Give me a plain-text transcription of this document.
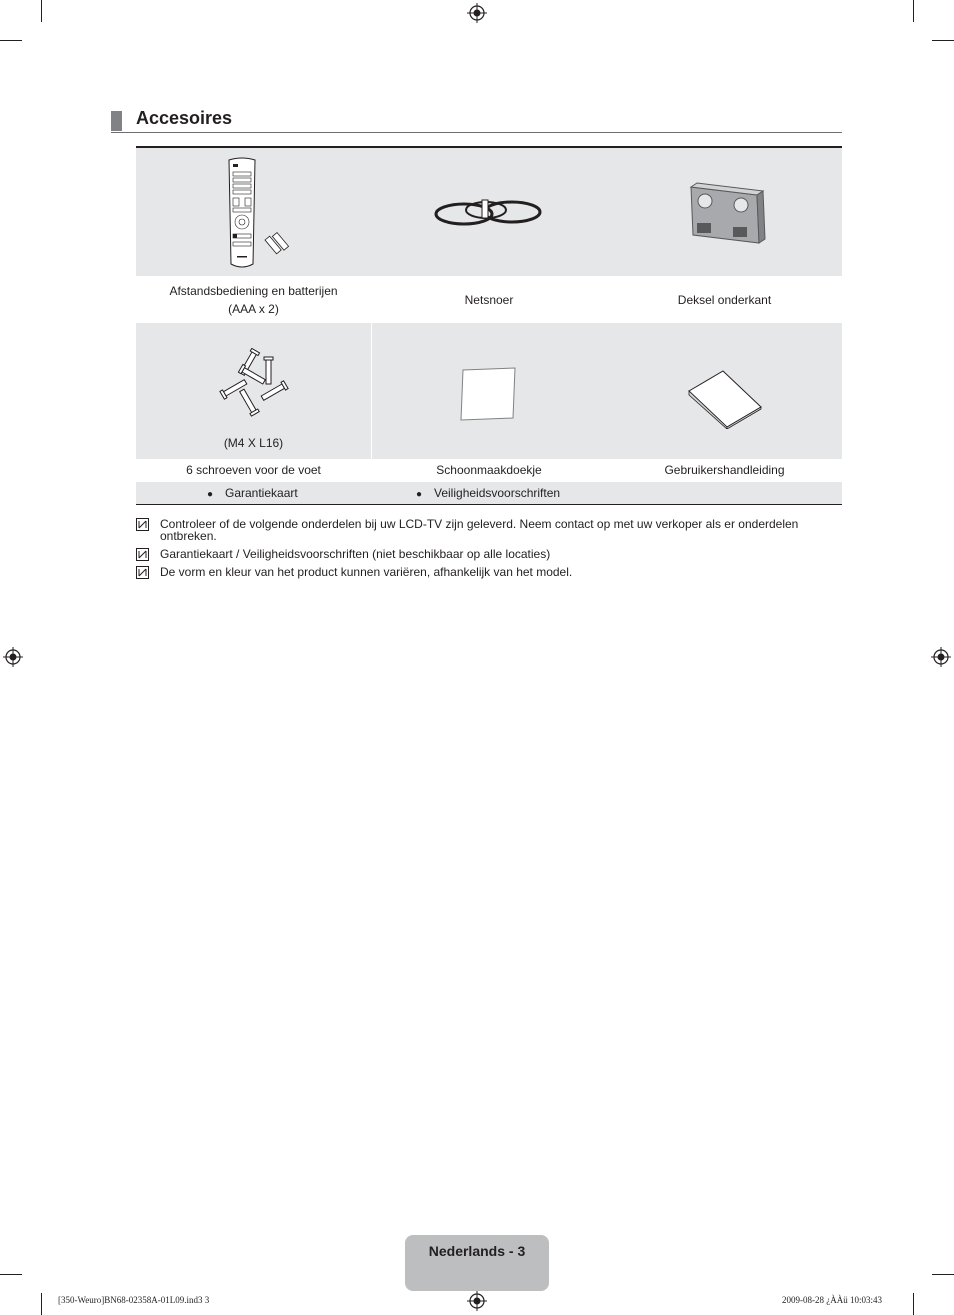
Accesoires
Afstandsbediening en batterijen
(AAA x 2)
Netsnoer	Deksel onderkant
(M4 X L16)
6 schroeven voor de voet	Schoonmaakdoekje	Gebruikershandleiding
● Garantiekaart	● Veiligheidsvoorschriften
Controleer of de volgende onderdelen bij uw LCD-TV zijn geleverd. Neem contact op met uw verkoper als er onderdelen ontbreken.
Garantiekaart / Veiligheidsvoorschriften (niet beschikbaar op alle locaties)
De vorm en kleur van het product kunnen variëren, afhankelijk van het model.
Nederlands - 3
[350-Weuro]BN68-02358A-01L09.ind3 3	2009-08-28 ¿ÀÀü 10:03:43
